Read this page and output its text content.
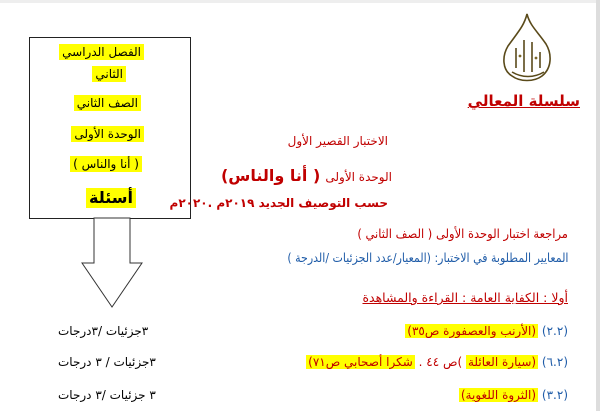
الفصل الدراسي
الثاني
الصف الثاني
الوحدة الأولى
( أنا والناس )
أسئلة
سلسلة المعالي
الاختبار القصير الأول
الوحدة الأولى ( أنا والناس)
حسب التوصيف الجديد ٢٠١٩م .٢٠٢٠م
مراجعة اختبار الوحدة الأولى ( الصف الثاني )
المعايير المطلوبة في الاختبار: (المعيار/عدد الجزئيات /الدرجة )
أولا : الكفاية العامة : القراءة والمشاهدة
(٢.٢) (الأرنب والعصفورة ص٣٥)
٣جزئيات /٣درجات
(٦.٢) (سيارة العائلة )ص ٤٤ . شكرا أصحابي ص٧١)
٣جزئيات / ٣ درجات
(٣.٢) (الثروة اللغوية)
٣ جزئيات /٣ درجات
